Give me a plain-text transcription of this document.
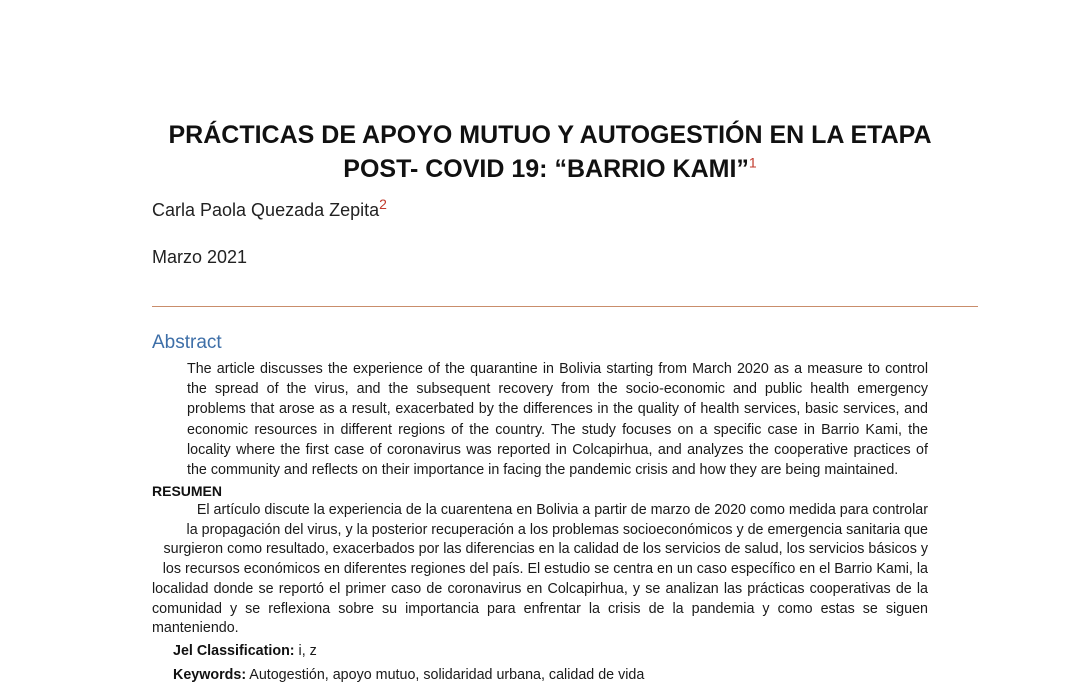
PRÁCTICAS DE APOYO MUTUO Y AUTOGESTIÓN EN LA ETAPA
POST- COVID 19: “BARRIO KAMI”$^1$
Carla Paola Quezada Zepita$^2$
Marzo 2021
Abstract
The article discusses the experience of the quarantine in Bolivia starting from March 2020 as a measure to control
the spread of the virus, and the subsequent recovery from the socio-economic and public health emergency
problems that arose as a result, exacerbated by the differences in the quality of health services, basic services, and
economic resources in different regions of the country. The study focuses on a specific case in Barrio Kami, the
locality where the first case of coronavirus was reported in Colcapirhua, and analyzes the cooperative practices of
the community and reflects on their importance in facing the pandemic crisis and how they are being maintained.
RESUMEN
El artículo discute la experiencia de la cuarentena en Bolivia a partir de marzo de 2020 como medida para controlar
la propagación del virus, y la posterior recuperación a los problemas socioeconómicos y de emergencia sanitaria que
surgieron como resultado, exacerbados por las diferencias en la calidad de los servicios de salud, los servicios básicos y
los recursos económicos en diferentes regiones del país. El estudio se centra en un caso específico en el Barrio Kami, la
localidad donde se reportó el primer caso de coronavirus en Colcapirhua, y se analizan las prácticas cooperativas de la
comunidad y se reflexiona sobre su importancia para enfrentar la crisis de la pandemia y como estas se siguen
manteniendo.
Jel Classification: i, z
Keywords: Autogestión, apoyo mutuo, solidaridad urbana, calidad de vida
